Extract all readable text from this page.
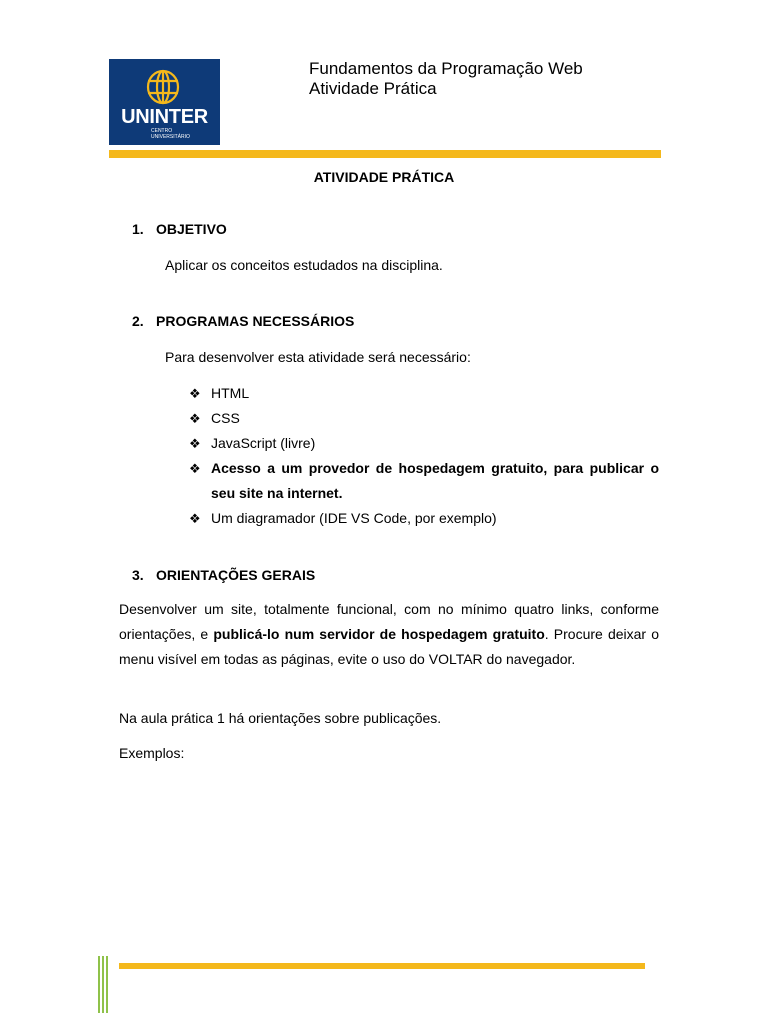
UNINTER
CENTRO
UNIVERSITÁRIO
Fundamentos da Programação Web
Atividade Prática
ATIVIDADE PRÁTICA
1. OBJETIVO
Aplicar os conceitos estudados na disciplina.
2. PROGRAMAS NECESSÁRIOS
Para desenvolver esta atividade será necessário:
❖ HTML
❖ CSS
❖ JavaScript (livre)
❖ Acesso a um provedor de hospedagem gratuito, para publicar o seu site na internet.
❖ Um diagramador (IDE VS Code, por exemplo)
3. ORIENTAÇÕES GERAIS
Desenvolver um site, totalmente funcional, com no mínimo quatro links, conforme orientações, e publicá-lo num servidor de hospedagem gratuito. Procure deixar o menu visível em todas as páginas, evite o uso do VOLTAR do navegador.
Na aula prática 1 há orientações sobre publicações.
Exemplos:
